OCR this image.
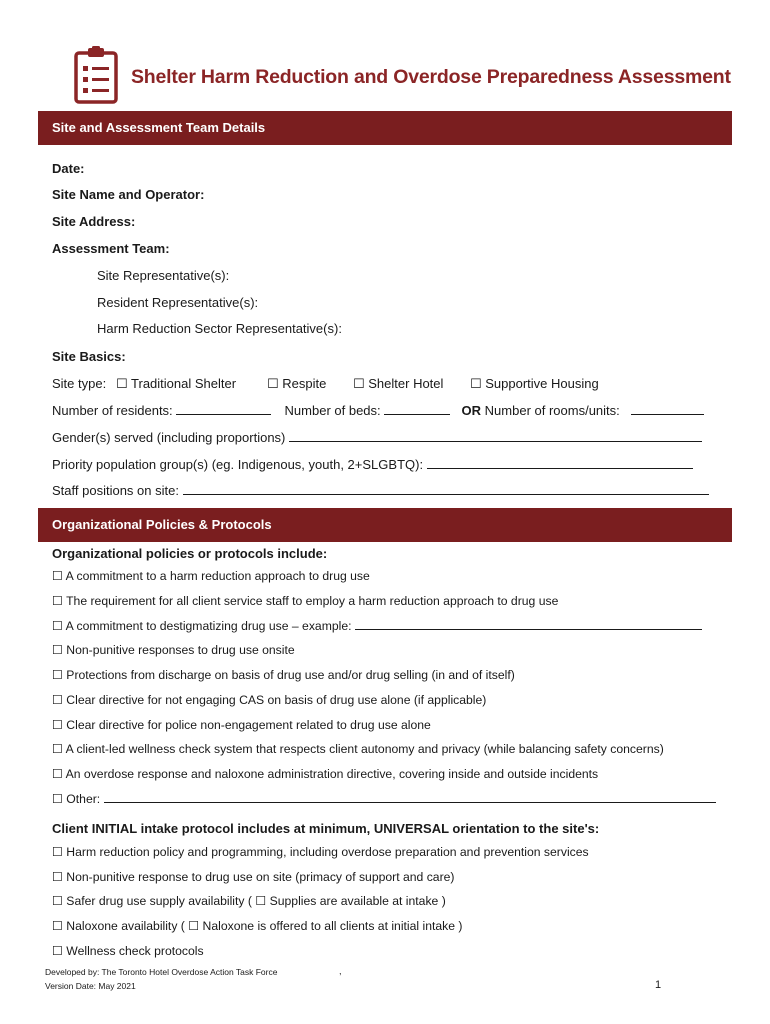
Shelter Harm Reduction and Overdose Preparedness Assessment
Site and Assessment Team Details
Date:
Site Name and Operator:
Site Address:
Assessment Team:
Site Representative(s):
Resident Representative(s):
Harm Reduction Sector Representative(s):
Site Basics:
Site type: ☐ Traditional Shelter ☐ Respite ☐ Shelter Hotel ☐ Supportive Housing
Number of residents:	Number of beds:	OR Number of rooms/units:
Gender(s) served (including proportions)
Priority population group(s) (eg. Indigenous, youth, 2+SLGBTQ):
Staff positions on site:
Organizational Policies & Protocols
Organizational policies or protocols include:
☐ A commitment to a harm reduction approach to drug use
☐ The requirement for all client service staff to employ a harm reduction approach to drug use
☐ A commitment to destigmatizing drug use – example:
☐ Non-punitive responses to drug use onsite
☐ Protections from discharge on basis of drug use and/or drug selling (in and of itself)
☐ Clear directive for not engaging CAS on basis of drug use alone (if applicable)
☐ Clear directive for police non-engagement related to drug use alone
☐ A client-led wellness check system that respects client autonomy and privacy (while balancing safety concerns)
☐ An overdose response and naloxone administration directive, covering inside and outside incidents
☐ Other:
Client INITIAL intake protocol includes at minimum, UNIVERSAL orientation to the site's:
☐ Harm reduction policy and programming, including overdose preparation and prevention services
☐ Non-punitive response to drug use on site (primacy of support and care)
☐ Safer drug use supply availability ( ☐ Supplies are available at intake )
☐ Naloxone availability ( ☐ Naloxone is offered to all clients at initial intake )
☐ Wellness check protocols
Developed by: The Toronto Hotel Overdose Action Task Force	,
Version Date: May 2021	1
